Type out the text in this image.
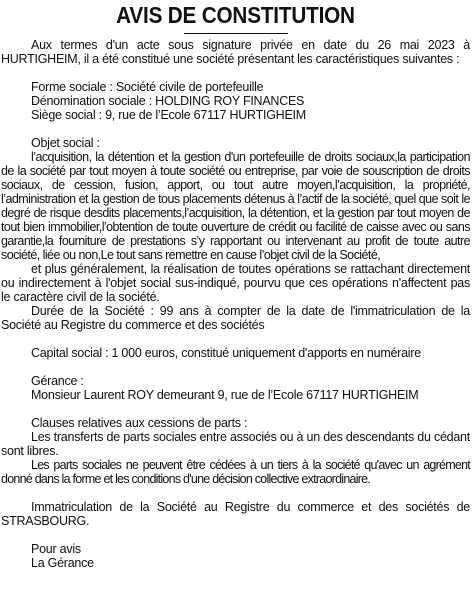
AVIS DE CONSTITUTION

Aux termes d'un acte sous signature privée en date du 26 mai 2023 à HURTIGHEIM, il a été constitué une société présentant les caractéristiques suivantes :

Forme sociale : Société civile de portefeuille

Dénomination sociale : HOLDING ROY FINANCES

Siège social : 9, rue de l’Ecole 67117 HURTIGHEIM

Objet social :

l’acquisition, la détention et la gestion d'un portefeuille de droits sociaux,la participation de la société par tout moyen à toute société ou entreprise, par voie de souscription de droits sociaux, de cession, fusion, apport, ou tout autre moyen,l’acquisition, la propriété, l’administration et la gestion de tous placements détenus à l’actif de la société, quel que soit le degré de risque desdits placements,l’acquisition, la détention, et la gestion par tout moyen de tout bien immobilier,l’obtention de toute ouverture de crédit ou facilité de caisse avec ou sans garantie,la fourniture de prestations s’y rapportant ou intervenant au profit de toute autre société, liée ou non,Le tout sans remettre en cause l’objet civil de la Société,

et plus généralement, la réalisation de toutes opérations se rattachant directement ou indirectement à l'objet social sus-indiqué, pourvu que ces opérations n'affectent pas le caractère civil de la société.

Durée de la Société : 99 ans à compter de la date de l'immatriculation de la Société au Registre du commerce et des sociétés

Capital social : 1 000 euros, constitué uniquement d'apports en numéraire

Gérance :

Monsieur Laurent ROY demeurant 9, rue de l’Ecole 67117 HURTIGHEIM

Clauses relatives aux cessions de parts :

Les transferts de parts sociales entre associés ou à un des descendants du cédant sont libres.

Les parts sociales ne peuvent être cédées à un tiers à la société qu'avec un agrément donné dans la forme et les conditions d'une décision collective extraordinaire.

Immatriculation de la Société au Registre du commerce et des sociétés de STRASBOURG.

Pour avis

La Gérance
